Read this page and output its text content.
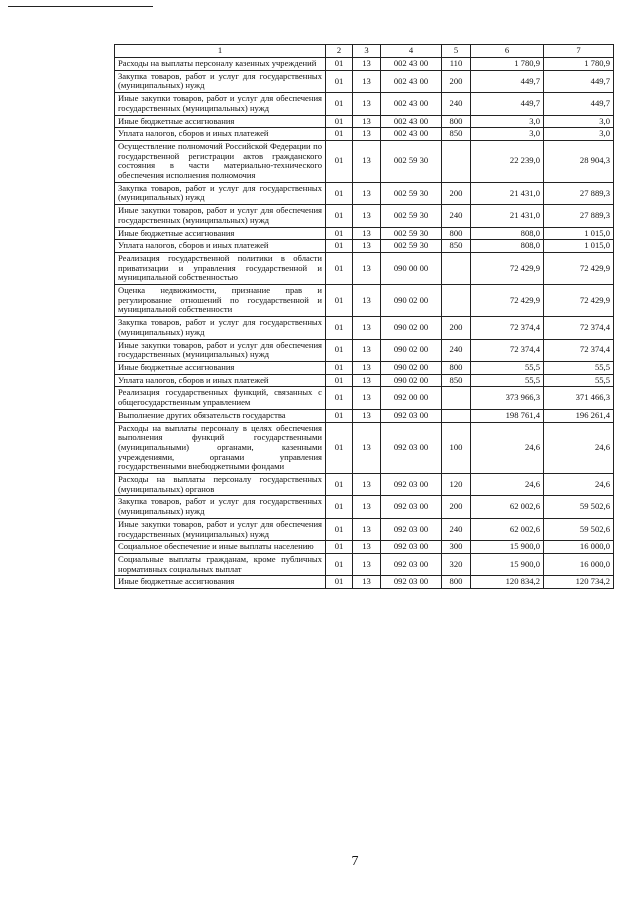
1	2	3	4	5	6	7
Расходы на выплаты персоналу казенных учреждений	01	13	002 43 00	110	1 780,9	1 780,9
Закупка товаров, работ и услуг для государственных (муниципальных) нужд	01	13	002 43 00	200	449,7	449,7
Иные закупки товаров, работ и услуг для обеспечения государственных (муниципальных) нужд	01	13	002 43 00	240	449,7	449,7
Иные бюджетные ассигнования	01	13	002 43 00	800	3,0	3,0
Уплата налогов, сборов и иных платежей	01	13	002 43 00	850	3,0	3,0
Осуществление полномочий Российской Федерации по государственной регистрации актов гражданского состояния в части материально-технического обеспечения исполнения полномочия	01	13	002 59 30		22 239,0	28 904,3
Закупка товаров, работ и услуг для государственных (муниципальных) нужд	01	13	002 59 30	200	21 431,0	27 889,3
Иные закупки товаров, работ и услуг для обеспечения государственных (муниципальных) нужд	01	13	002 59 30	240	21 431,0	27 889,3
Иные бюджетные ассигнования	01	13	002 59 30	800	808,0	1 015,0
Уплата налогов, сборов и иных платежей	01	13	002 59 30	850	808,0	1 015,0
Реализация государственной политики в области приватизации и управления государственной и муниципальной собственностью	01	13	090 00 00		72 429,9	72 429,9
Оценка недвижимости, признание прав и регулирование отношений по государственной и муниципальной собственности	01	13	090 02 00		72 429,9	72 429,9
Закупка товаров, работ и услуг для государственных (муниципальных) нужд	01	13	090 02 00	200	72 374,4	72 374,4
Иные закупки товаров, работ и услуг для обеспечения государственных (муниципальных) нужд	01	13	090 02 00	240	72 374,4	72 374,4
Иные бюджетные ассигнования	01	13	090 02 00	800	55,5	55,5
Уплата налогов, сборов и иных платежей	01	13	090 02 00	850	55,5	55,5
Реализация государственных функций, связанных с общегосударственным управлением	01	13	092 00 00		373 966,3	371 466,3
Выполнение других обязательств государства	01	13	092 03 00		198 761,4	196 261,4
Расходы на выплаты персоналу в целях обеспечения выполнения функций государственными (муниципальными) органами, казенными учреждениями, органами управления государственными внебюджетными фондами	01	13	092 03 00	100	24,6	24,6
Расходы на выплаты персоналу государственных (муниципальных) органов	01	13	092 03 00	120	24,6	24,6
Закупка товаров, работ и услуг для государственных (муниципальных) нужд	01	13	092 03 00	200	62 002,6	59 502,6
Иные закупки товаров, работ и услуг для обеспечения государственных (муниципальных) нужд	01	13	092 03 00	240	62 002,6	59 502,6
Социальное обеспечение и иные выплаты населению	01	13	092 03 00	300	15 900,0	16 000,0
Социальные выплаты гражданам, кроме публичных нормативных социальных выплат	01	13	092 03 00	320	15 900,0	16 000,0
Иные бюджетные ассигнования	01	13	092 03 00	800	120 834,2	120 734,2
7
